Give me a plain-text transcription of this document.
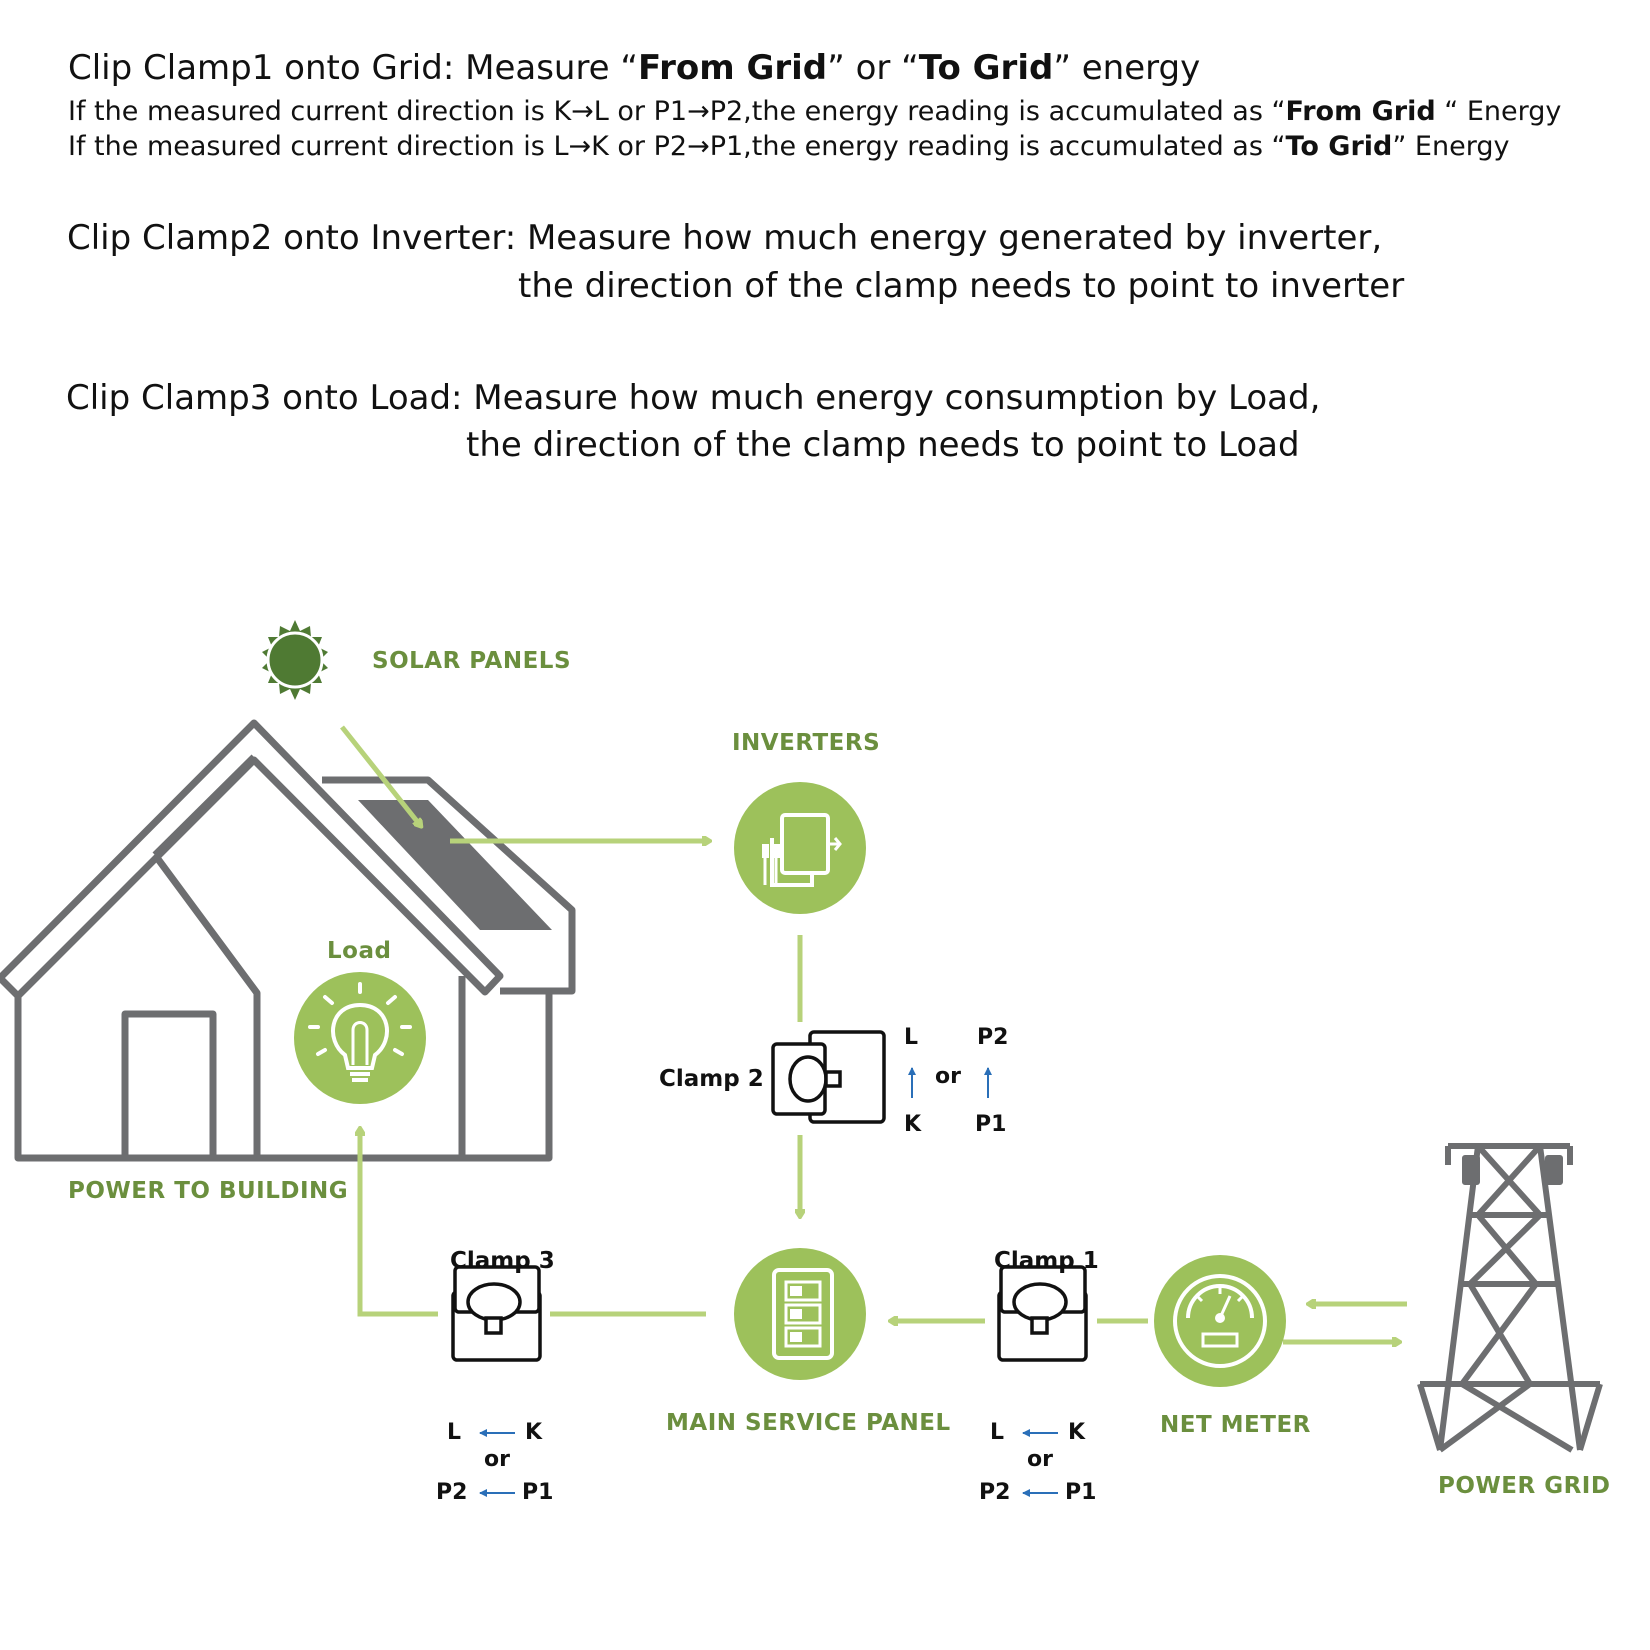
Clip Clamp1 onto Grid: Measure “From Grid” or “To Grid” energy
If the measured current direction is K→L or P1→P2,the energy reading is accumulated as “From Grid “ Energy
If the measured current direction is L→K or P2→P1,the energy reading is accumulated as “To Grid” Energy
Clip Clamp2 onto Inverter: Measure how much energy generated by inverter,
the direction of the clamp needs to point to inverter
Clip Clamp3 onto Load: Measure how much energy consumption by Load,
the direction of the clamp needs to point to Load
SOLAR PANELS
INVERTERS
Load
POWER TO BUILDING
MAIN SERVICE PANEL	NET METER
POWER GRID
Clamp 2
Clamp 3	Clamp 1
L
K
or
P2
P1
L	K
or
P2 P1
L	K
or
P2 P1
